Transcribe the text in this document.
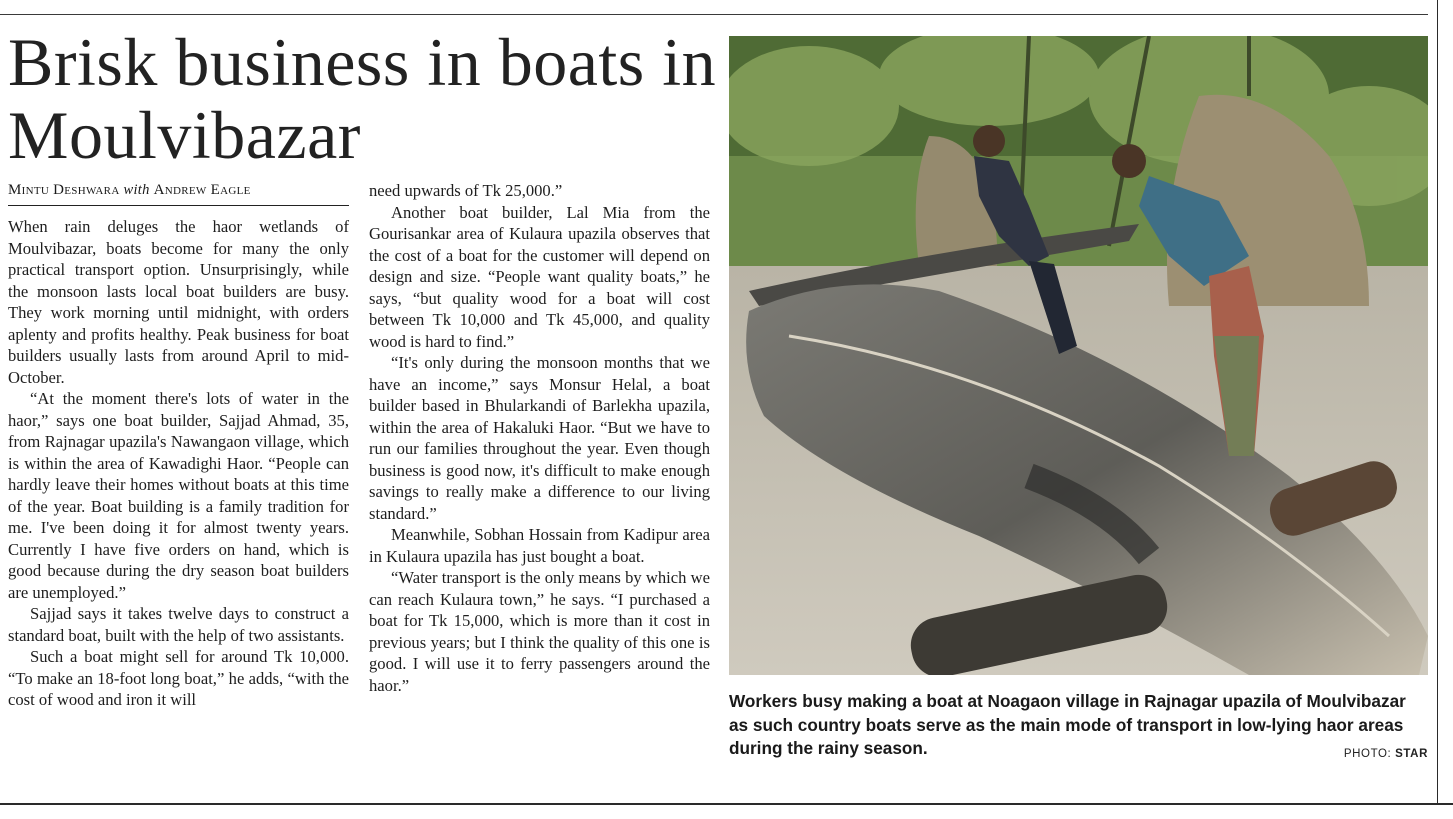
Brisk business in boats in Moulvibazar
Mintu Deshwara with Andrew Eagle

When rain deluges the haor wetlands of Moulvibazar, boats become for many the only practical transport option. Unsurprisingly, while the monsoon lasts local boat builders are busy. They work morning until midnight, with orders aplenty and profits healthy. Peak business for boat builders usually lasts from around April to mid-October.

“At the moment there's lots of water in the haor,” says one boat builder, Sajjad Ahmad, 35, from Rajnagar upazila's Nawangaon village, which is within the area of Kawadighi Haor. “People can hardly leave their homes without boats at this time of the year. Boat building is a family tradition for me. I've been doing it for almost twenty years. Currently I have five orders on hand, which is good because during the dry season boat builders are unemployed.”

Sajjad says it takes twelve days to construct a standard boat, built with the help of two assistants.

Such a boat might sell for around Tk 10,000. “To make an 18-foot long boat,” he adds, “with the cost of wood and iron it will

need upwards of Tk 25,000.”

Another boat builder, Lal Mia from the Gourisankar area of Kulaura upazila observes that the cost of a boat for the customer will depend on design and size. “People want quality boats,” he says, “but quality wood for a boat will cost between Tk 10,000 and Tk 45,000, and quality wood is hard to find.”

“It's only during the monsoon months that we have an income,” says Monsur Helal, a boat builder based in Bhularkandi of Barlekha upazila, within the area of Hakaluki Haor. “But we have to run our families throughout the year. Even though business is good now, it's difficult to make enough savings to really make a difference to our living standard.”

Meanwhile, Sobhan Hossain from Kadipur area in Kulaura upazila has just bought a boat.

“Water transport is the only means by which we can reach Kulaura town,” he says. “I purchased a boat for Tk 15,000, which is more than it cost in previous years; but I think the quality of this one is good. I will use it to ferry passengers around the haor.”

Workers busy making a boat at Noagaon village in Rajnagar upazila of Moulvibazar as such country boats serve as the main mode of transport in low-lying haor areas during the rainy season.	PHOTO: STAR
